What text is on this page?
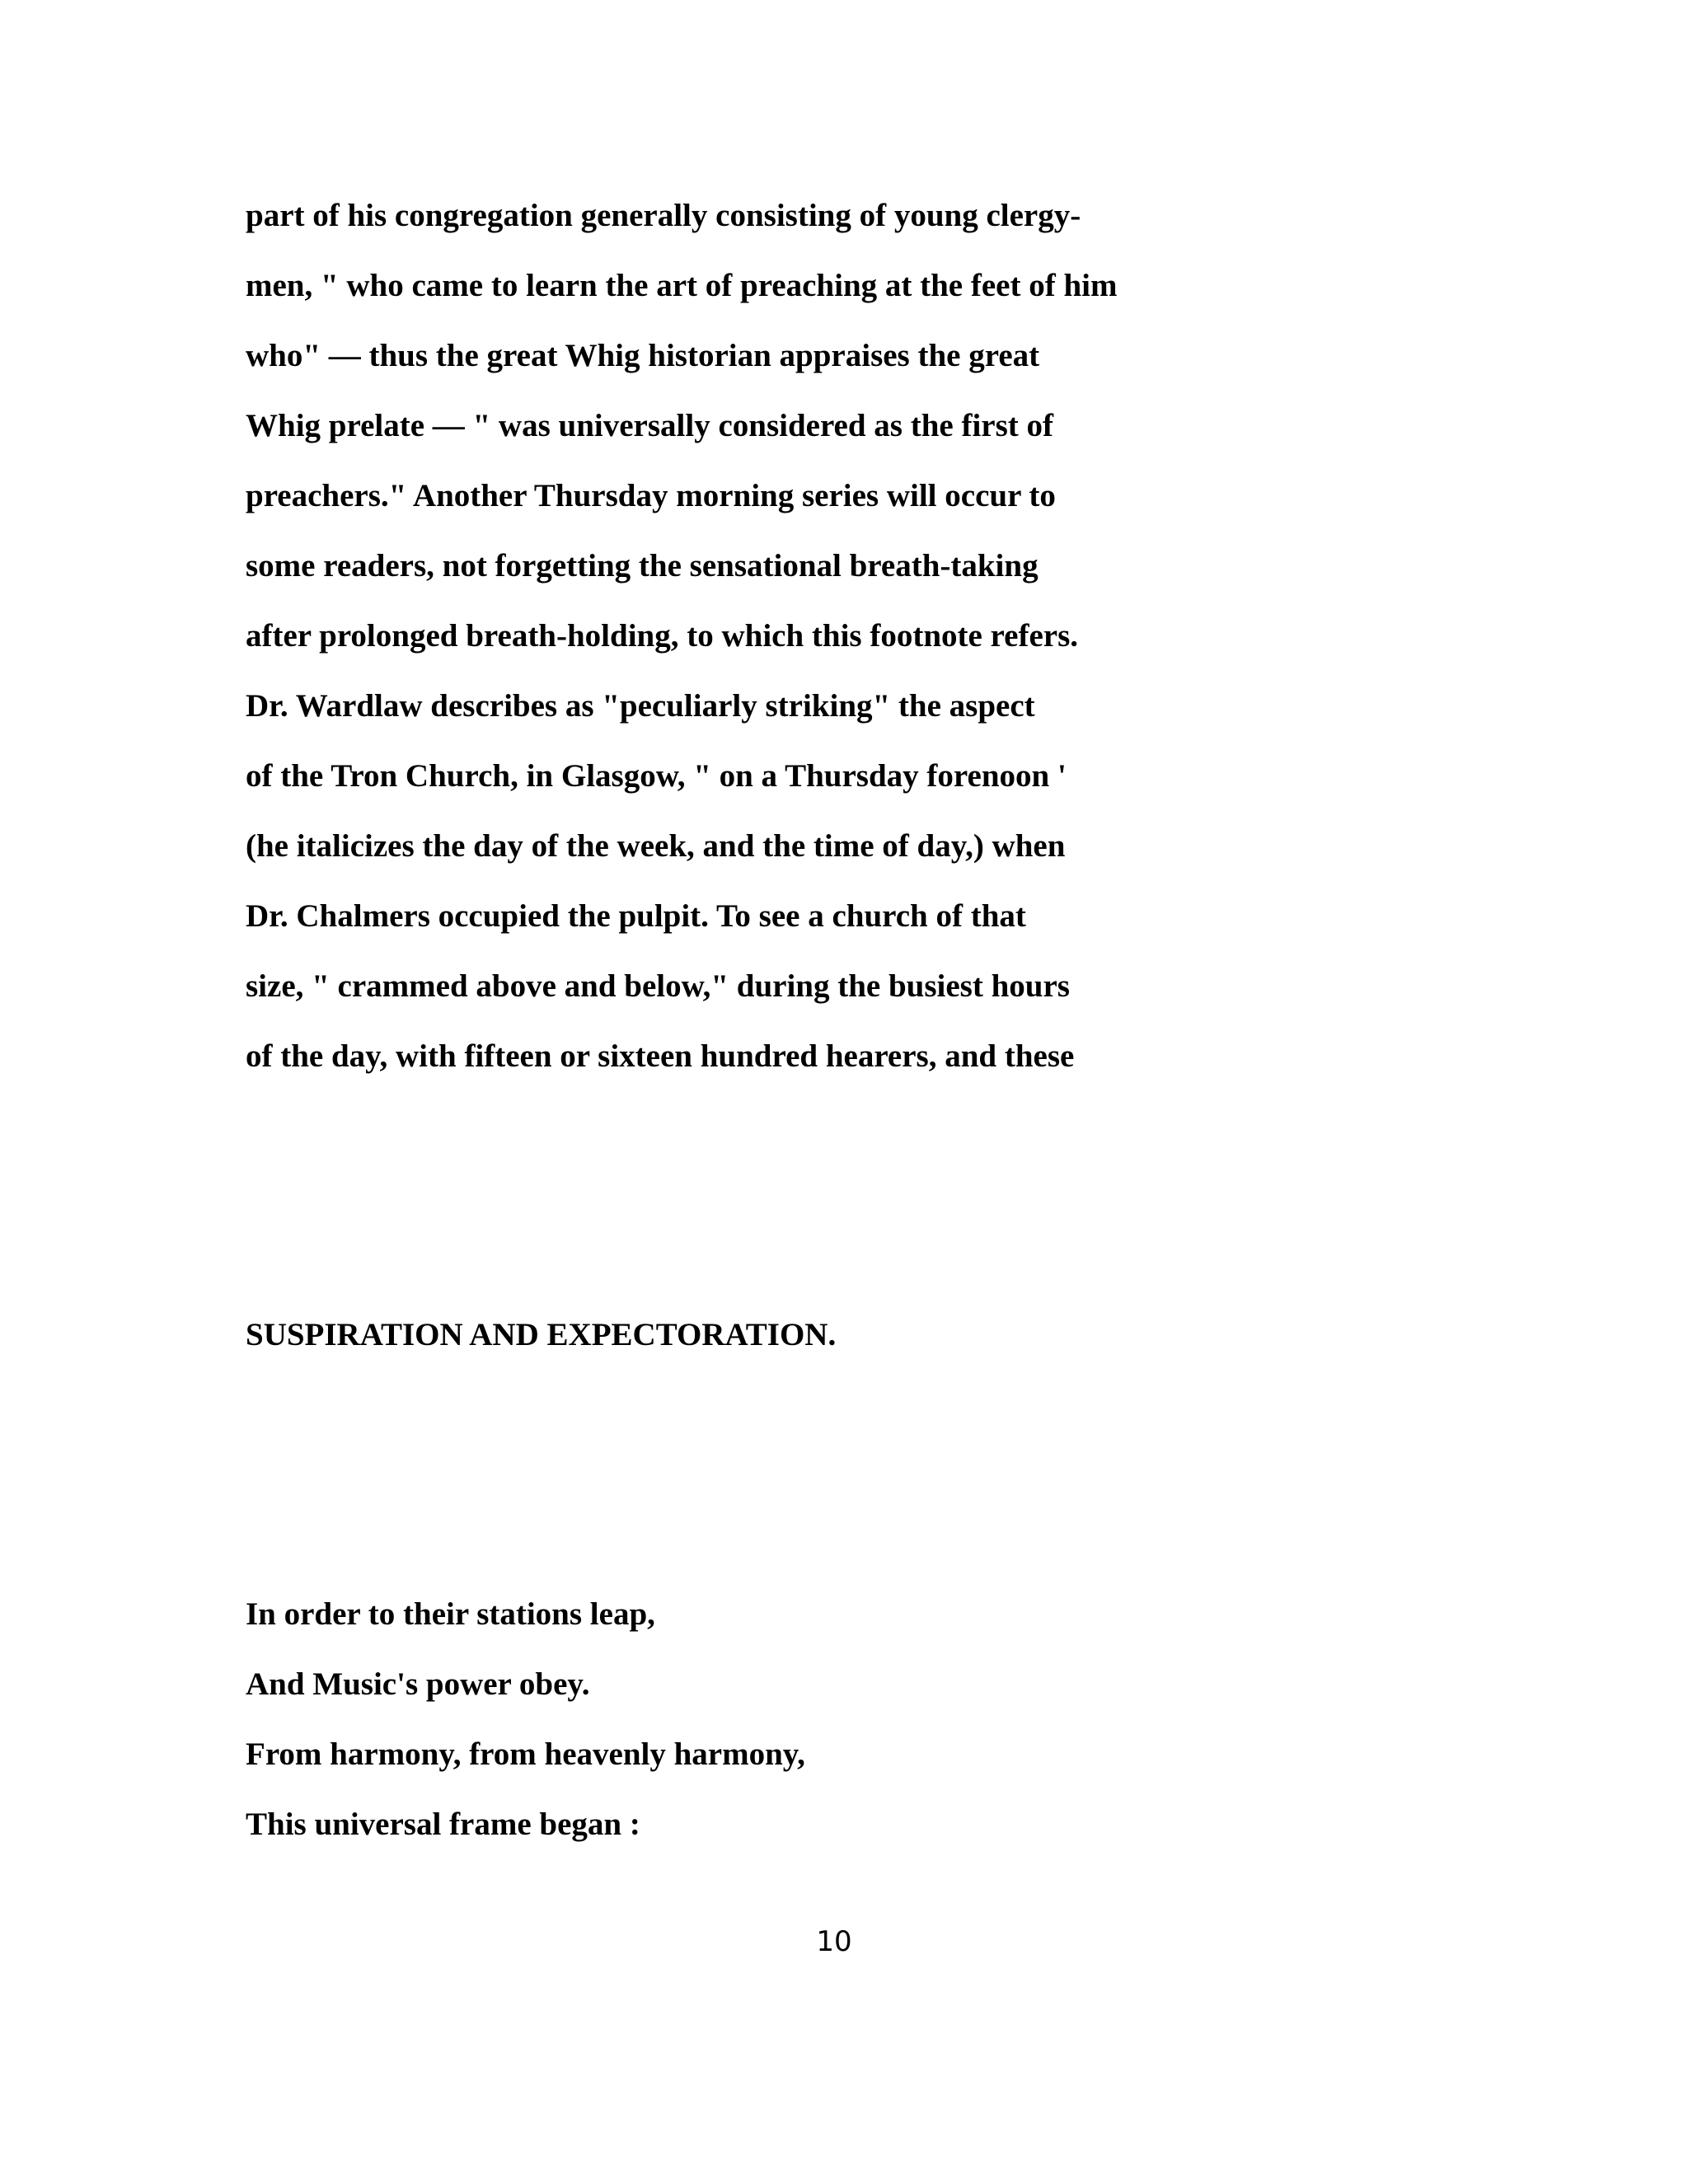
part of his congregation generally consisting of young clergy-
men, " who came to learn the art of preaching at the feet of him
who" — thus the great Whig historian appraises the great
Whig prelate — " was universally considered as the first of
preachers." Another Thursday morning series will occur to
some readers, not forgetting the sensational breath-taking
after prolonged breath-holding, to which this footnote refers.
Dr. Wardlaw describes as "peculiarly striking" the aspect
of the Tron Church, in Glasgow, " on a Thursday forenoon '
(he italicizes the day of the week, and the time of day,) when
Dr. Chalmers occupied the pulpit. To see a church of that
size, " crammed above and below," during the busiest hours
of the day, with fifteen or sixteen hundred hearers, and these
SUSPIRATION AND EXPECTORATION.
In order to their stations leap,
And Music's power obey.
From harmony, from heavenly harmony,
This universal frame began :
10
